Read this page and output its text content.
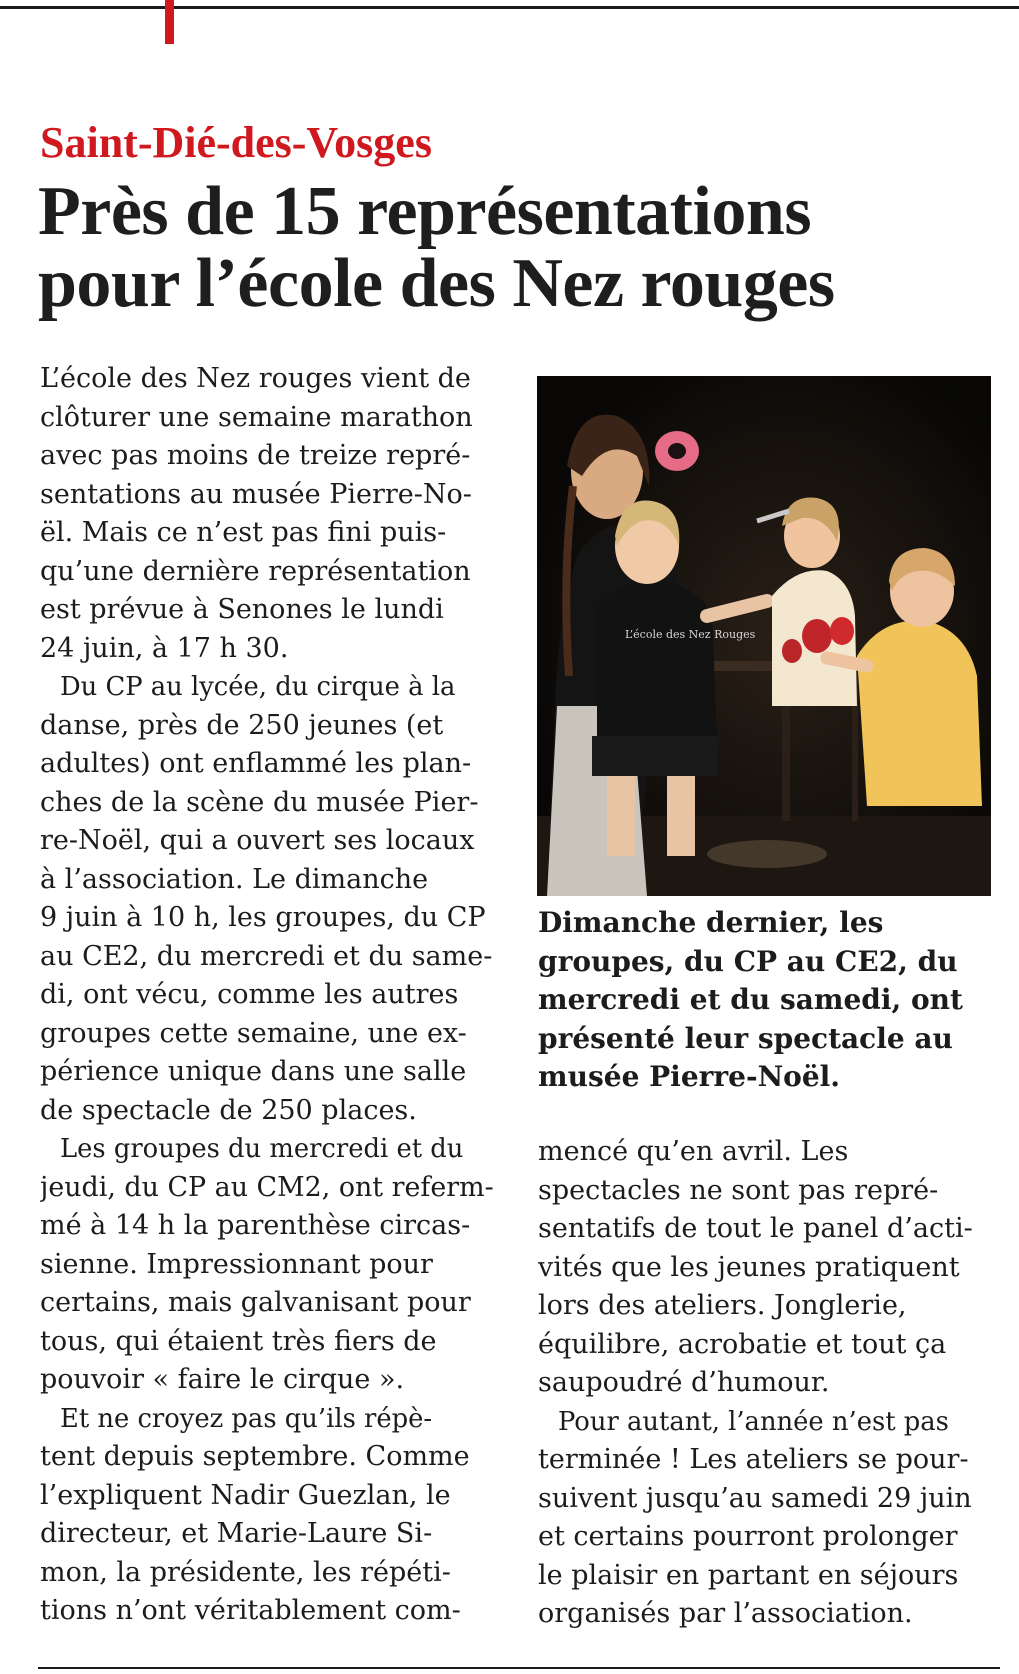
Saint-Dié-des-Vosges
Près de 15 représentations
pour l’école des Nez rouges
L’école des Nez rouges vient de
clôturer une semaine marathon
avec pas moins de treize repré-
sentations au musée Pierre-No-
ël. Mais ce n’est pas fini puis-
qu’une dernière représentation
est prévue à Senones le lundi
24 juin, à 17 h 30.
Du CP au lycée, du cirque à la
danse, près de 250 jeunes (et
adultes) ont enflammé les plan-
ches de la scène du musée Pier-
re-Noël, qui a ouvert ses locaux
à l’association. Le dimanche
9 juin à 10 h, les groupes, du CP
au CE2, du mercredi et du same-
di, ont vécu, comme les autres
groupes cette semaine, une ex-
périence unique dans une salle
de spectacle de 250 places.
Les groupes du mercredi et du
jeudi, du CP au CM2, ont referm-
mé à 14 h la parenthèse circas-
sienne. Impressionnant pour
certains, mais galvanisant pour
tous, qui étaient très fiers de
pouvoir « faire le cirque ».
Et ne croyez pas qu’ils répè-
tent depuis septembre. Comme
l’expliquent Nadir Guezlan, le
directeur, et Marie-Laure Si-
mon, la présidente, les répéti-
tions n’ont véritablement com-
L’école des Nez Rouges
Dimanche dernier, les
groupes, du CP au CE2, du
mercredi et du samedi, ont
présenté leur spectacle au
musée Pierre-Noël.
mencé qu’en avril. Les
spectacles ne sont pas repré-
sentatifs de tout le panel d’acti-
vités que les jeunes pratiquent
lors des ateliers. Jonglerie,
équilibre, acrobatie et tout ça
saupoudré d’humour.
Pour autant, l’année n’est pas
terminée ! Les ateliers se pour-
suivent jusqu’au samedi 29 juin
et certains pourront prolonger
le plaisir en partant en séjours
organisés par l’association.
